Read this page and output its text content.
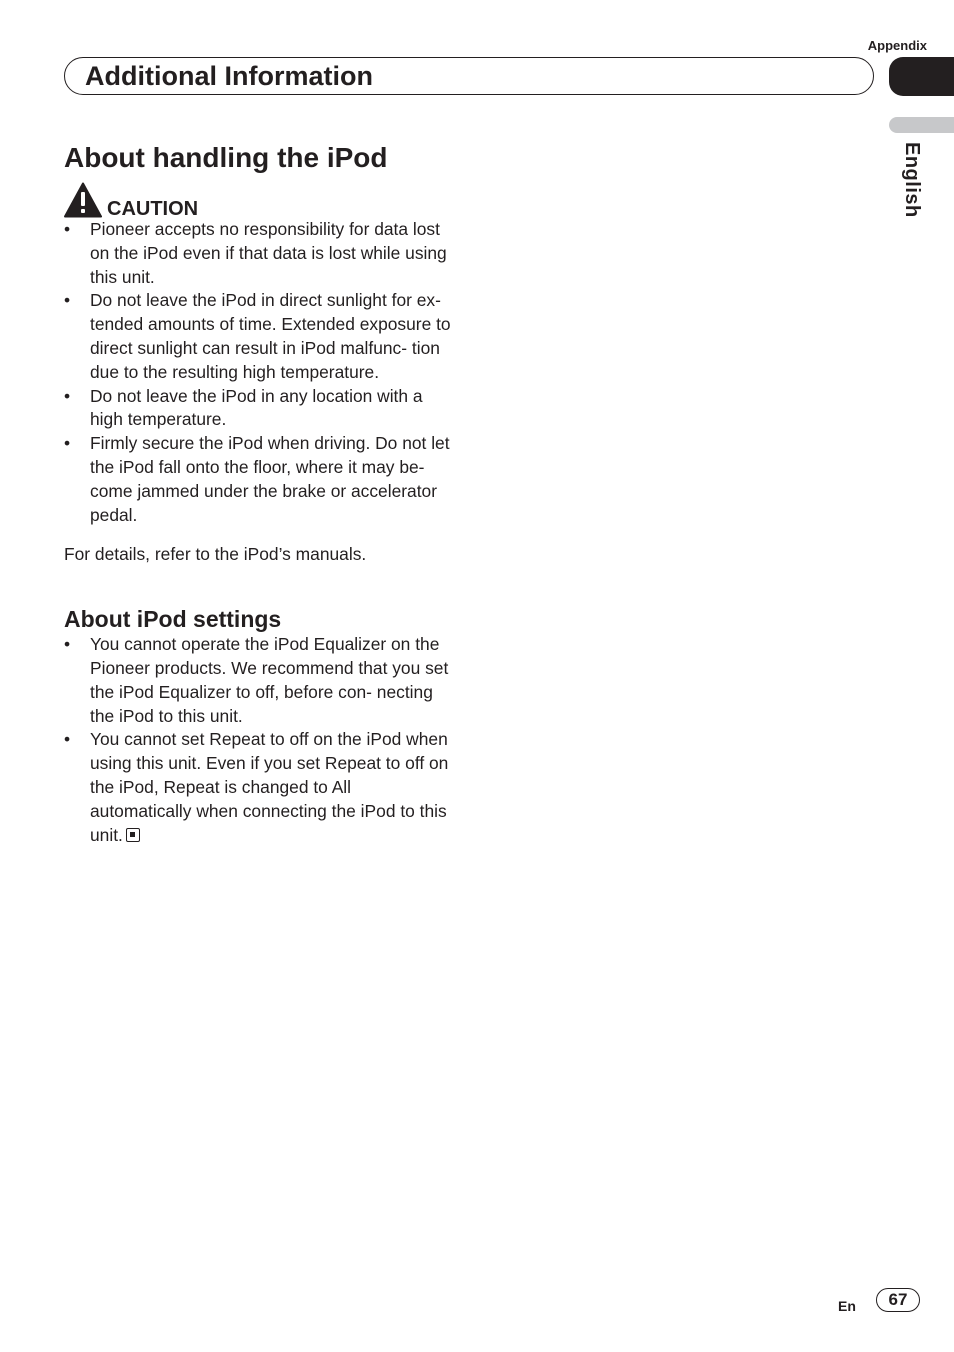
Appendix
Additional Information
English
About handling the iPod
CAUTION
• Pioneer accepts no responsibility for data lost on the iPod even if that data is lost while using this unit.
• Do not leave the iPod in direct sunlight for ex- tended amounts of time. Extended exposure to direct sunlight can result in iPod malfunc- tion due to the resulting high temperature.
• Do not leave the iPod in any location with a high temperature.
• Firmly secure the iPod when driving. Do not let the iPod fall onto the floor, where it may be- come jammed under the brake or accelerator pedal.
For details, refer to the iPod’s manuals.
About iPod settings
• You cannot operate the iPod Equalizer on the Pioneer products. We recommend that you set the iPod Equalizer to off, before con- necting the iPod to this unit.
• You cannot set Repeat to off on the iPod when using this unit. Even if you set Repeat to off on the iPod, Repeat is changed to All automatically when connecting the iPod to this unit.
En	67
